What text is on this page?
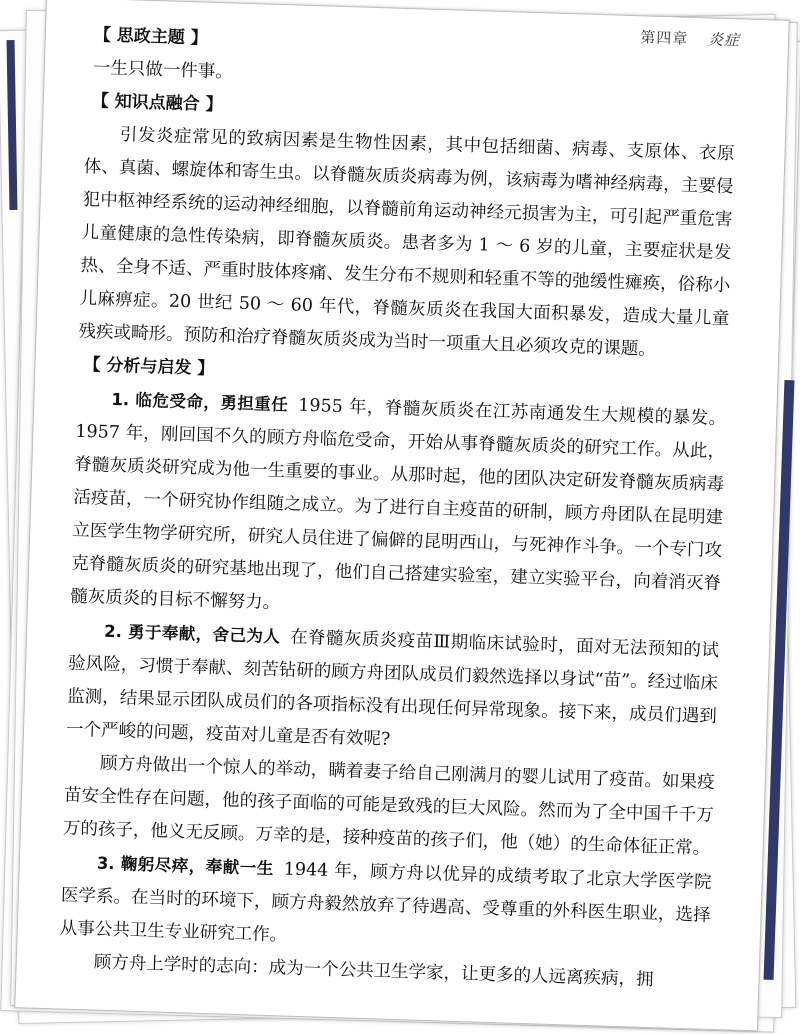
第四章 炎症
【 思政主题 】

一生只做一件事。

【 知识点融合 】

引发炎症常见的致病因素是生物性因素，其中包括细菌、病毒、支原体、衣原体、真菌、螺旋体和寄生虫。以脊髓灰质炎病毒为例，该病毒为嗜神经病毒，主要侵犯中枢神经系统的运动神经细胞，以脊髓前角运动神经元损害为主，可引起严重危害儿童健康的急性传染病，即脊髓灰质炎。患者多为 1 ～ 6 岁的儿童，主要症状是发热、全身不适、严重时肢体疼痛、发生分布不规则和轻重不等的弛缓性瘫痪，俗称小儿麻痹症。20 世纪 50 ～ 60 年代，脊髓灰质炎在我国大面积暴发，造成大量儿童残疾或畸形。预防和治疗脊髓灰质炎成为当时一项重大且必须攻克的课题。

【 分析与启发 】

1. 临危受命，勇担重任 1955 年，脊髓灰质炎在江苏南通发生大规模的暴发。1957 年，刚回国不久的顾方舟临危受命，开始从事脊髓灰质炎的研究工作。从此，脊髓灰质炎研究成为他一生重要的事业。从那时起，他的团队决定研发脊髓灰质病毒活疫苗，一个研究协作组随之成立。为了进行自主疫苗的研制，顾方舟团队在昆明建立医学生物学研究所，研究人员住进了偏僻的昆明西山，与死神作斗争。一个专门攻克脊髓灰质炎的研究基地出现了，他们自己搭建实验室，建立实验平台，向着消灭脊髓灰质炎的目标不懈努力。

2. 勇于奉献，舍己为人 在脊髓灰质炎疫苗Ⅲ期临床试验时，面对无法预知的试验风险，习惯于奉献、刻苦钻研的顾方舟团队成员们毅然选择以身试“苗”。经过临床监测，结果显示团队成员们的各项指标没有出现任何异常现象。接下来，成员们遇到一个严峻的问题，疫苗对儿童是否有效呢?

顾方舟做出一个惊人的举动，瞒着妻子给自己刚满月的婴儿试用了疫苗。如果疫苗安全性存在问题，他的孩子面临的可能是致残的巨大风险。然而为了全中国千千万万的孩子，他义无反顾。万幸的是，接种疫苗的孩子们，他（她）的生命体征正常。

3. 鞠躬尽瘁，奉献一生 1944 年，顾方舟以优异的成绩考取了北京大学医学院医学系。在当时的环境下，顾方舟毅然放弃了待遇高、受尊重的外科医生职业，选择从事公共卫生专业研究工作。

顾方舟上学时的志向：成为一个公共卫生学家，让更多的人远离疾病，拥
